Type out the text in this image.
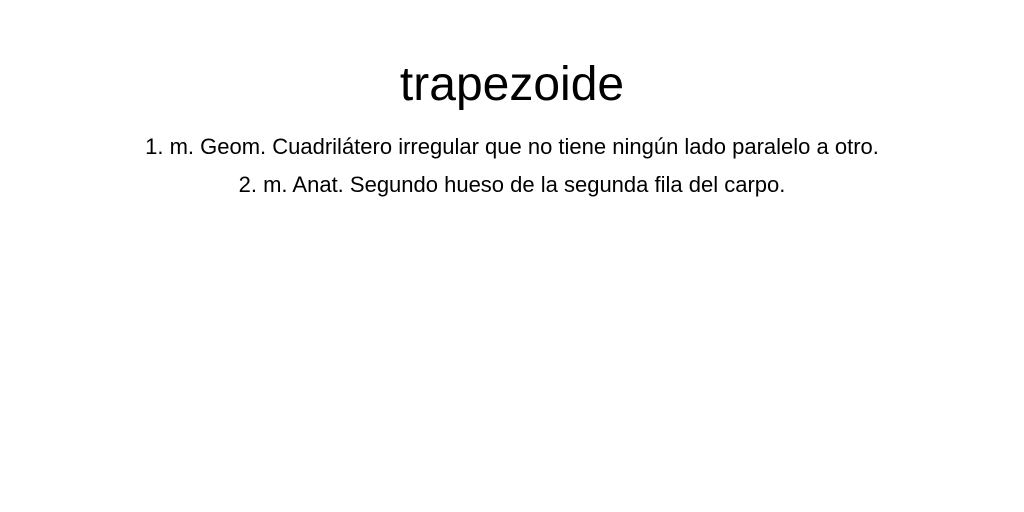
trapezoide
1. m. Geom. Cuadrilátero irregular que no tiene ningún lado paralelo a otro.
2. m. Anat. Segundo hueso de la segunda fila del carpo.
